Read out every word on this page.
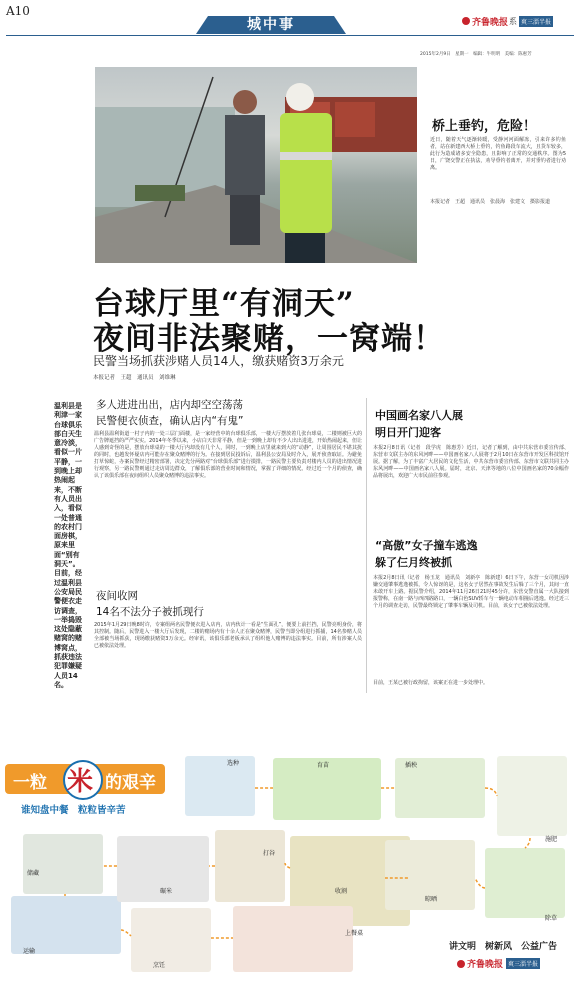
A10
城中事	齐鲁晚报 系 爽三淄半报
2015年2月9日　星期一　编辑：牛明明　美编：陈惠芳
桥上垂钓，危险！
近日，随着天气逐渐转暖，受静河河面解冻，引来许多钓鱼者，站在新建西大桥上垂钓，钓鱼路段车流大，且货车较多，此行为造成诸多安全隐患，且影响了正常的交通秩序。图为5日，广饶交警正在执法，劝导垂钓者离开，并对垂钓者进行劝离。
本报记者　王超　通讯员　张晨海　张建文　摄影报道
台球厅里“有洞天”
夜间非法聚赌，一窝端！
民警当场抓获涉赌人员14人，缴获赌资3万余元
本报记者　王超　通讯员　刘维琳
温利县是利津一家台球俱乐部白天生意冷淡，看似一片平静，一到晚上却热闹起来，不断有人员出入，看似一处普通的农村门面房棋，原来里面“别有洞天”。目前，经过温利县公安局民警便衣走访调查，一举捣毁这处隐蔽赌窝的赌博窝点，抓获违法犯罪嫌疑人员14名。
多人进进出出，店内却空空荡荡
民警便衣侦查，确认店内“有鬼”
温利县温利街道一村子内的一处三层门面楼，是一家经营中的台球俱乐部，一楼大厅摆放着几张台球桌，二楼则被巨大的广告牌遮挡的严严实实。2014年冬季以来，小店白天非常平静，但是一到晚上却有不少人出出进进，开始热闹起来，但让人感到奇怪的是，摆放台球桌的一楼大厅内却没有几个人，同时，一到晚上店里就来到大的“动静”，让周围居民不堪其扰的同时，也越发怀疑店内可能存在聚众赌博的行为。在接到居民投诉后，温利县公安局及时介入，展开侦查取证。为避免打草惊蛇，办案民警经过精密部署，决定先分两路对“台球俱乐部”进行摸排，一路民警主要负责对楼内人员的进出情况进行观察，另一路民警则通过走访周边群众，了解俱乐部的营业时间和情况，掌握了详细的情况。经过近一个月的侦查，确认了该俱乐部在夜间组织人员聚众赌博的违法事实。
夜间收网
14名不法分子被抓现行
2015年1月29日晚8时许，专案组两名民警便衣进入店内，店内伙计一看是“生面孔”，便要上前拦挡，民警亮明身份，将其控制。随后，民警进入一楼大厅后发现，二楼的赌场内有十余人正在聚众赌博，民警当即分组进行抓捕，14名参赌人员全部被当场抓获，现场缴获赌资3万余元。经审讯，该俱乐部老板承认了组织他人赌博的违法事实。目前，所有涉案人员已被依法处理。
中国画名家八人展
明日开门迎客
本报2月8日讯（记者　段学虎　陈惠芳）近日，记者了解到，由中共东营市委宣传部、东营市文联主办的东风河畔——中国画名家八人展将于2月10日在东营市开发区科技馆开展。据了解，为了丰富广大居民的文化生活，中共东营市委宣传部、东营市文联共同主办东风河畔——中国画名家八人展。届时，北京、天津等地的八位中国画名家的70余幅作品将展出，欢迎广大市民前往参观。
“高傲”女子撞车逃逸
躲了仨月终被抓
本报2月8日讯（记者　杨玉龙　通讯员　刘新亭　陈新建）6日下午，东营一女司机因涉嫌交通肇事逃逸被抓，令人惊讶的是，这名女子居然在事故发生后躲了三个月，其间一直未敢开车上路。据民警介绍，2014年11月26日21时45分许，东营交警直属一大队接到报警称，在南一路与西四路路口，一辆白色SUV轿车与一辆电动车相撞后逃逸。经过近三个月的调查走访，民警最终锁定了肇事车辆及司机。目前，该女子已被依法处理。
目前，王某已被行政拘留，该案正在进一步处理中。
一粒 米 的艰辛
谁知盘中餐　粒粒皆辛苦
选种	育苗	插秧
施肥
除草
收割
打谷
运输
碾米
烹饪
上餐桌
储藏
晾晒
讲文明　树新风　公益广告
齐鲁晚报 爽三淄半报
